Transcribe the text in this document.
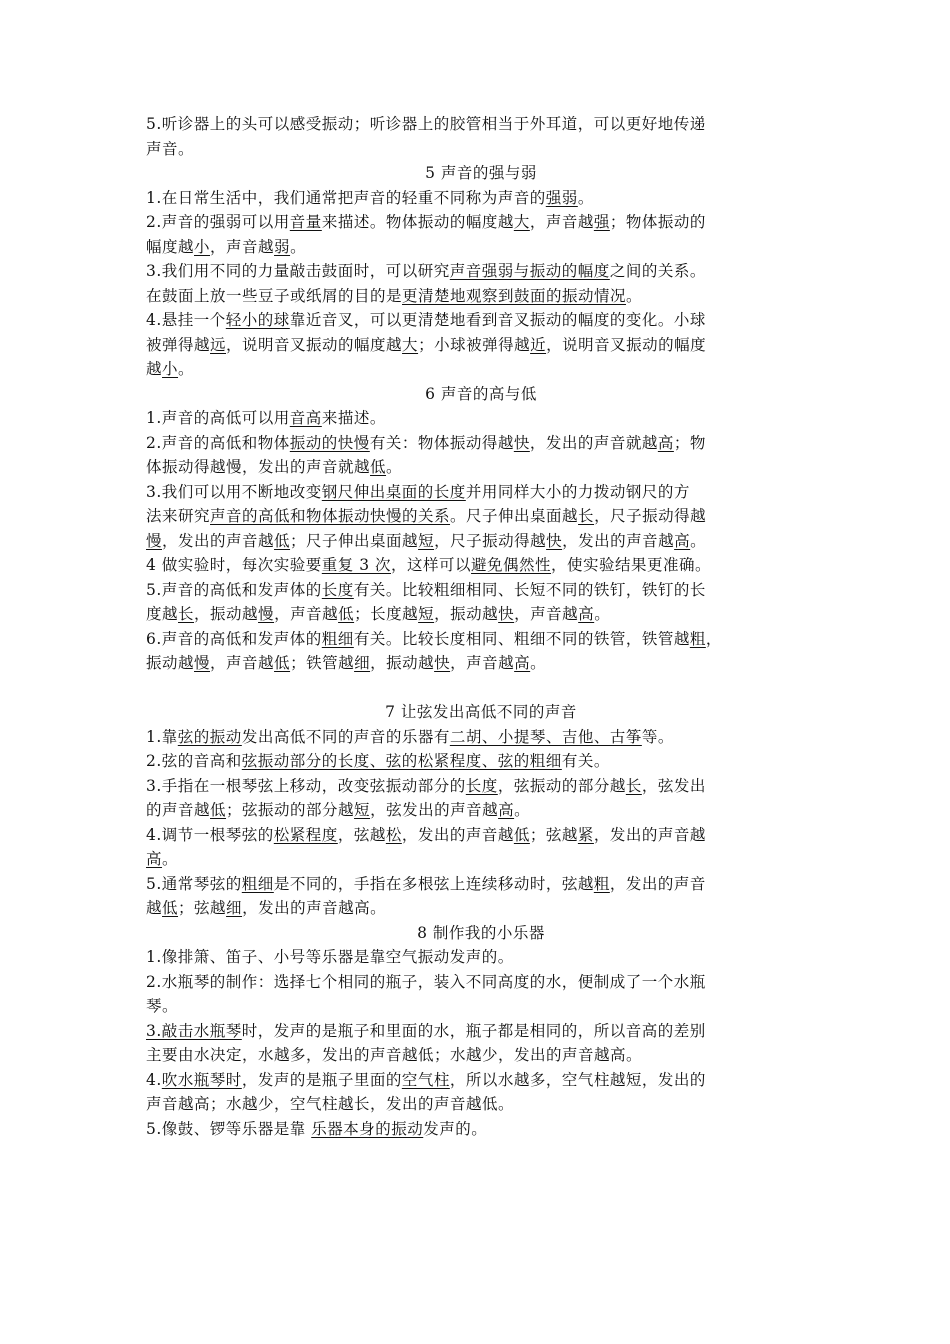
5.听诊器上的头可以感受振动；听诊器上的胶管相当于外耳道，可以更好地传递
声音。
5 声音的强与弱
1.在日常生活中，我们通常把声音的轻重不同称为声音的强弱。
2.声音的强弱可以用音量来描述。物体振动的幅度越大，声音越强；物体振动的
幅度越小，声音越弱。
3.我们用不同的力量敲击鼓面时，可以研究声音强弱与振动的幅度之间的关系。
在鼓面上放一些豆子或纸屑的目的是更清楚地观察到鼓面的振动情况。
4.悬挂一个轻小的球靠近音叉，可以更清楚地看到音叉振动的幅度的变化。小球
被弹得越远，说明音叉振动的幅度越大；小球被弹得越近，说明音叉振动的幅度
越小。
6 声音的高与低
1.声音的高低可以用音高来描述。
2.声音的高低和物体振动的快慢有关：物体振动得越快，发出的声音就越高；物
体振动得越慢，发出的声音就越低。
3.我们可以用不断地改变钢尺伸出桌面的长度并用同样大小的力拨动钢尺的方
法来研究声音的高低和物体振动快慢的关系。尺子伸出桌面越长，尺子振动得越
慢，发出的声音越低；尺子伸出桌面越短，尺子振动得越快，发出的声音越高。
4 做实验时，每次实验要重复 3 次，这样可以避免偶然性，使实验结果更准确。
5.声音的高低和发声体的长度有关。比较粗细相同、长短不同的铁钉，铁钉的长
度越长，振动越慢，声音越低；长度越短，振动越快，声音越高。
6.声音的高低和发声体的粗细有关。比较长度相同、粗细不同的铁管，铁管越粗，
振动越慢，声音越低；铁管越细，振动越快，声音越高。
7 让弦发出高低不同的声音
1.靠弦的振动发出高低不同的声音的乐器有二胡、小提琴、吉他、古筝等。
2.弦的音高和弦振动部分的长度、弦的松紧程度、弦的粗细有关。
3.手指在一根琴弦上移动，改变弦振动部分的长度，弦振动的部分越长，弦发出
的声音越低；弦振动的部分越短，弦发出的声音越高。
4.调节一根琴弦的松紧程度，弦越松，发出的声音越低；弦越紧，发出的声音越
高。
5.通常琴弦的粗细是不同的，手指在多根弦上连续移动时，弦越粗，发出的声音
越低；弦越细，发出的声音越高。
8 制作我的小乐器
1.像排箫、笛子、小号等乐器是靠空气振动发声的。
2.水瓶琴的制作：选择七个相同的瓶子，装入不同高度的水，便制成了一个水瓶
琴。
3.敲击水瓶琴时，发声的是瓶子和里面的水，瓶子都是相同的，所以音高的差别
主要由水决定，水越多，发出的声音越低；水越少，发出的声音越高。
4.吹水瓶琴时，发声的是瓶子里面的空气柱，所以水越多，空气柱越短，发出的
声音越高；水越少，空气柱越长，发出的声音越低。
5.像鼓、锣等乐器是靠 乐器本身的振动发声的。
